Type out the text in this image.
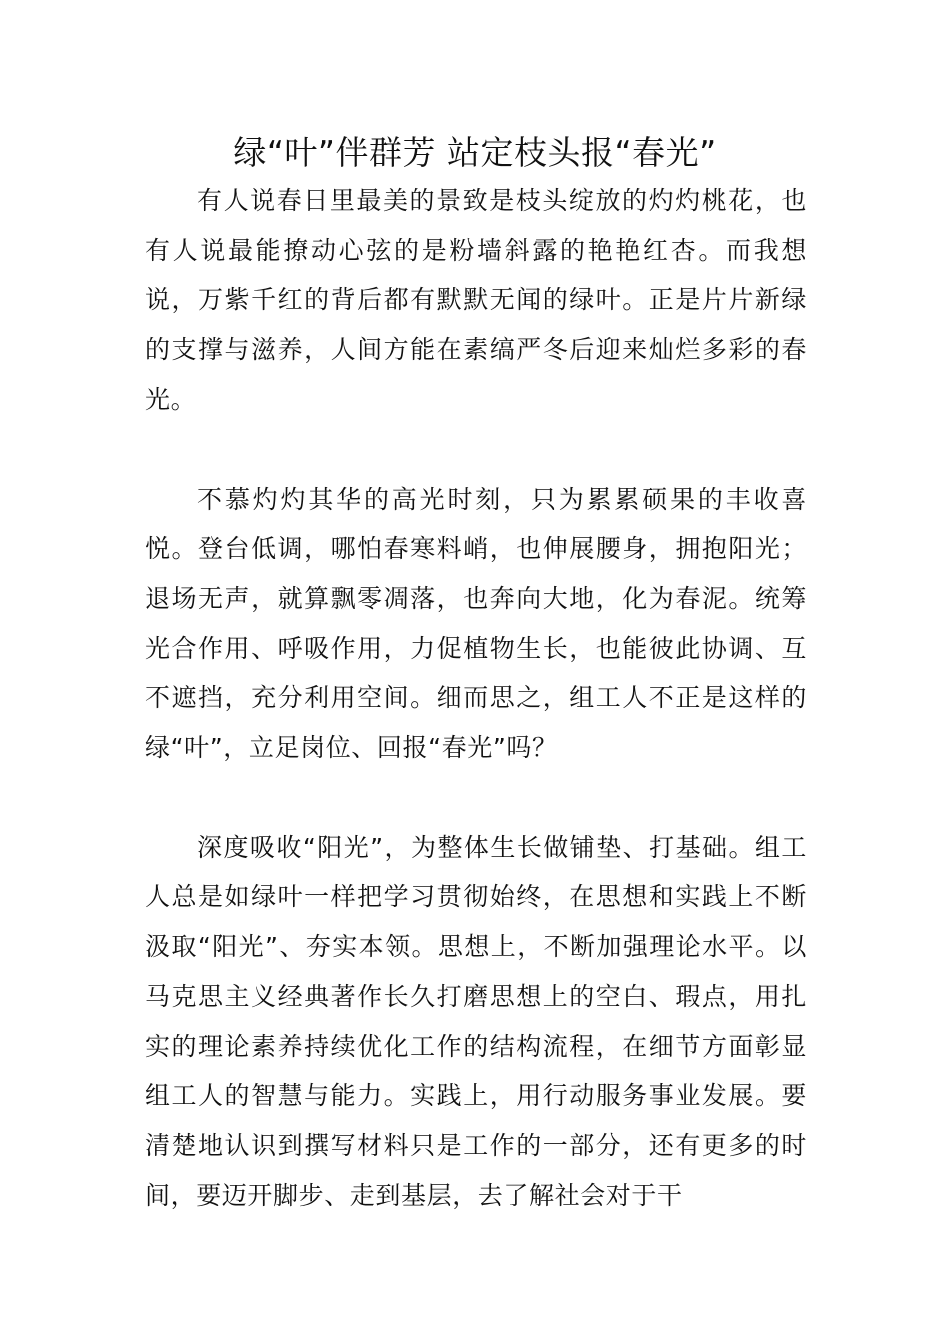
绿“叶”伴群芳 站定枝头报“春光”

有人说春日里最美的景致是枝头绽放的灼灼桃花，也有人说最能撩动心弦的是粉墙斜露的艳艳红杏。而我想说，万紫千红的背后都有默默无闻的绿叶。正是片片新绿的支撑与滋养，人间方能在素缟严冬后迎来灿烂多彩的春光。

不慕灼灼其华的高光时刻，只为累累硕果的丰收喜悦。登台低调，哪怕春寒料峭，也伸展腰身，拥抱阳光；退场无声，就算飘零凋落，也奔向大地，化为春泥。统筹光合作用、呼吸作用，力促植物生长，也能彼此协调、互不遮挡，充分利用空间。细而思之，组工人不正是这样的绿“叶”，立足岗位、回报“春光”吗？

深度吸收“阳光”，为整体生长做铺垫、打基础。组工人总是如绿叶一样把学习贯彻始终，在思想和实践上不断汲取“阳光”、夯实本领。思想上，不断加强理论水平。以马克思主义经典著作长久打磨思想上的空白、瑕点，用扎实的理论素养持续优化工作的结构流程，在细节方面彰显组工人的智慧与能力。实践上，用行动服务事业发展。要清楚地认识到撰写材料只是工作的一部分，还有更多的时间，要迈开脚步、走到基层，去了解社会对于干
